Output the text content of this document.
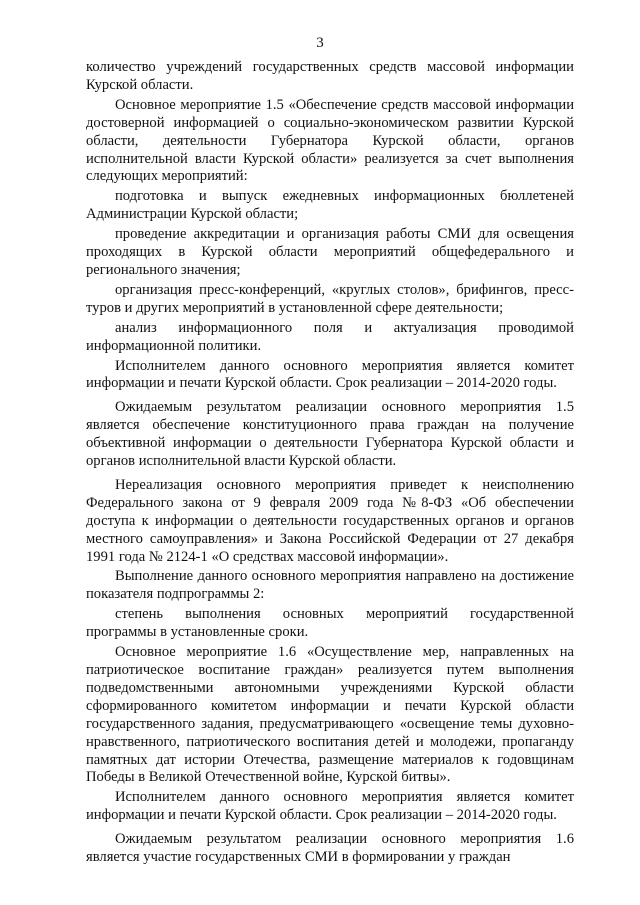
3

количество учреждений государственных средств массовой информации Курской области.

Основное мероприятие 1.5 «Обеспечение средств массовой информации достоверной информацией о социально-экономическом развитии Курской области, деятельности Губернатора Курской области, органов исполнительной власти Курской области» реализуется за счет выполнения следующих мероприятий:

подготовка и выпуск ежедневных информационных бюллетеней Администрации Курской области;

проведение аккредитации и организация работы СМИ для освещения проходящих в Курской области мероприятий общефедерального и регионального значения;

организация пресс-конференций, «круглых столов», брифингов, пресс-туров и других мероприятий в установленной сфере деятельности;

анализ информационного поля и актуализация проводимой информационной политики.

Исполнителем данного основного мероприятия является комитет информации и печати Курской области. Срок реализации – 2014-2020 годы.

Ожидаемым результатом реализации основного мероприятия 1.5 является обеспечение конституционного права граждан на получение объективной информации о деятельности Губернатора Курской области и органов исполнительной власти Курской области.

Нереализация основного мероприятия приведет к неисполнению Федерального закона от 9 февраля 2009 года №8-ФЗ «Об обеспечении доступа к информации о деятельности государственных органов и органов местного самоуправления» и Закона Российской Федерации от 27 декабря 1991 года № 2124-1 «О средствах массовой информации».

Выполнение данного основного мероприятия направлено на достижение показателя подпрограммы 2:

степень выполнения основных мероприятий государственной программы в установленные сроки.

Основное мероприятие 1.6 «Осуществление мер, направленных на патриотическое воспитание граждан» реализуется путем выполнения подведомственными автономными учреждениями Курской области сформированного комитетом информации и печати Курской области государственного задания, предусматривающего «освещение темы духовно-нравственного, патриотического воспитания детей и молодежи, пропаганду памятных дат истории Отечества, размещение материалов к годовщинам Победы в Великой Отечественной войне, Курской битвы».

Исполнителем данного основного мероприятия является комитет информации и печати Курской области. Срок реализации – 2014-2020 годы.

Ожидаемым результатом реализации основного мероприятия 1.6 является участие государственных СМИ в формировании у граждан
